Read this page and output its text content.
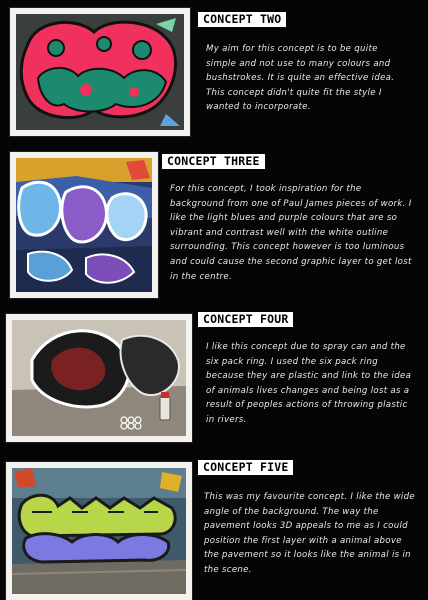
CONCEPT TWO
My aim for this concept is to be quite simple and not use to many colours and bushstrokes. It is quite an effective idea. This concept didn't quite fit the style I wanted to incorporate.
CONCEPT THREE
For this concept, I took inspiration for the background from one of Paul James pieces of work. I like the light blues and purple colours that are so vibrant and contrast well with the white outline surrounding. This concept however is too luminous and could cause the second graphic layer to get lost in the centre.
CONCEPT FOUR
I like this concept due to spray can and the six pack ring. I used the six pack ring because they are plastic and link to the idea of animals lives changes and being lost as a result of peoples actions of throwing plastic in rivers.
CONCEPT FIVE
This was my favourite concept. I like the wide angle of the background. The way the pavement looks 3D appeals to me as I could position the first layer with a animal above the pavement so it looks like the animal is in the scene.
